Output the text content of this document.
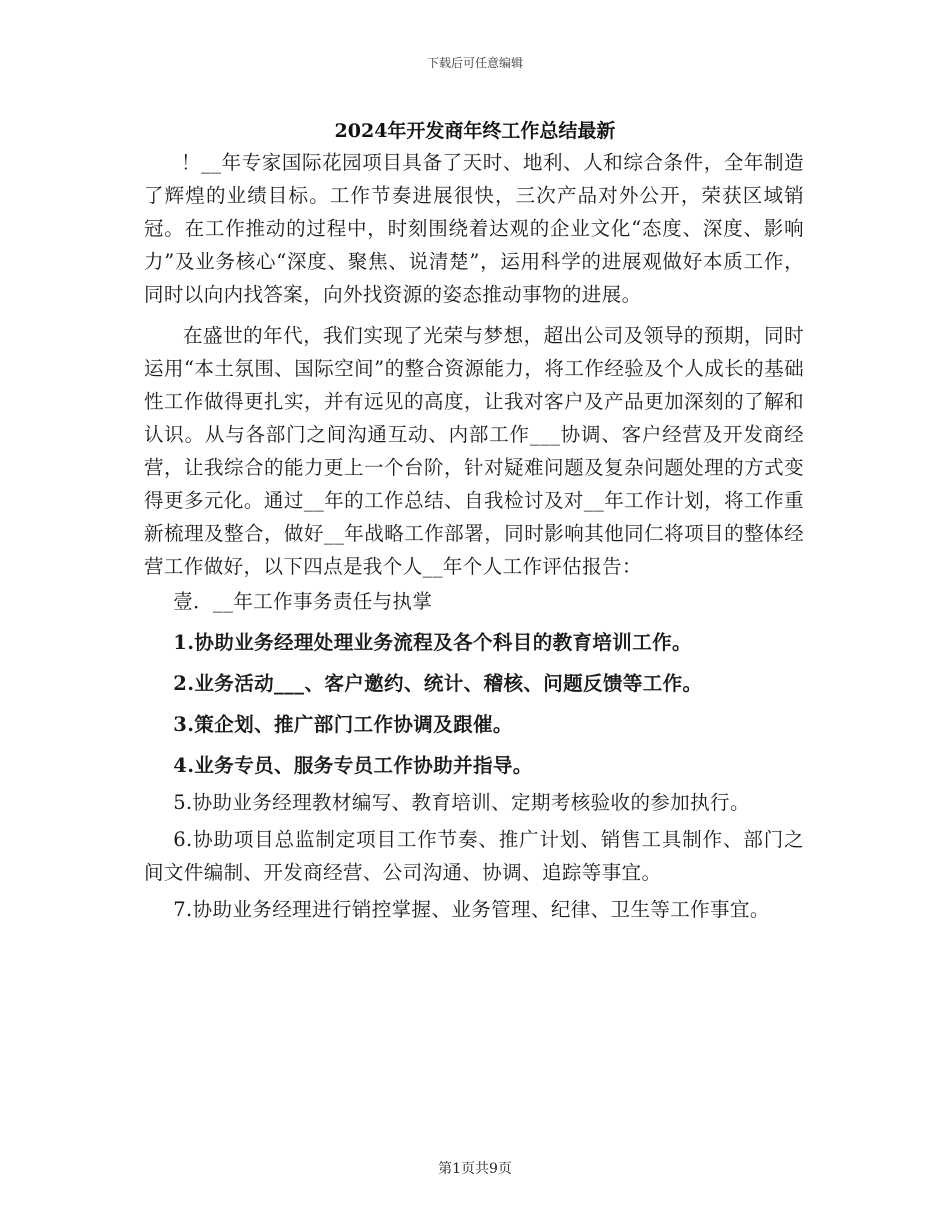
下载后可任意编辑
2024年开发商年终工作总结最新

！__年专家国际花园项目具备了天时、地利、人和综合条件，全年制造了辉煌的业绩目标。工作节奏进展很快，三次产品对外公开，荣获区域销冠。在工作推动的过程中，时刻围绕着达观的企业文化“态度、深度、影响力”及业务核心“深度、聚焦、说清楚”，运用科学的进展观做好本质工作，同时以向内找答案，向外找资源的姿态推动事物的进展。

在盛世的年代，我们实现了光荣与梦想，超出公司及领导的预期，同时运用“本土氛围、国际空间”的整合资源能力，将工作经验及个人成长的基础性工作做得更扎实，并有远见的高度，让我对客户及产品更加深刻的了解和认识。从与各部门之间沟通互动、内部工作___协调、客户经营及开发商经营，让我综合的能力更上一个台阶，针对疑难问题及复杂问题处理的方式变得更多元化。通过__年的工作总结、自我检讨及对__年工作计划，将工作重新梳理及整合，做好__年战略工作部署，同时影响其他同仁将项目的整体经营工作做好，以下四点是我个人__年个人工作评估报告：

壹．__年工作事务责任与执掌

1.协助业务经理处理业务流程及各个科目的教育培训工作。

2.业务活动___、客户邀约、统计、稽核、问题反馈等工作。

3.策企划、推广部门工作协调及跟催。

4.业务专员、服务专员工作协助并指导。

5.协助业务经理教材编写、教育培训、定期考核验收的参加执行。

6.协助项目总监制定项目工作节奏、推广计划、销售工具制作、部门之间文件编制、开发商经营、公司沟通、协调、追踪等事宜。

7.协助业务经理进行销控掌握、业务管理、纪律、卫生等工作事宜。

第1页共9页
